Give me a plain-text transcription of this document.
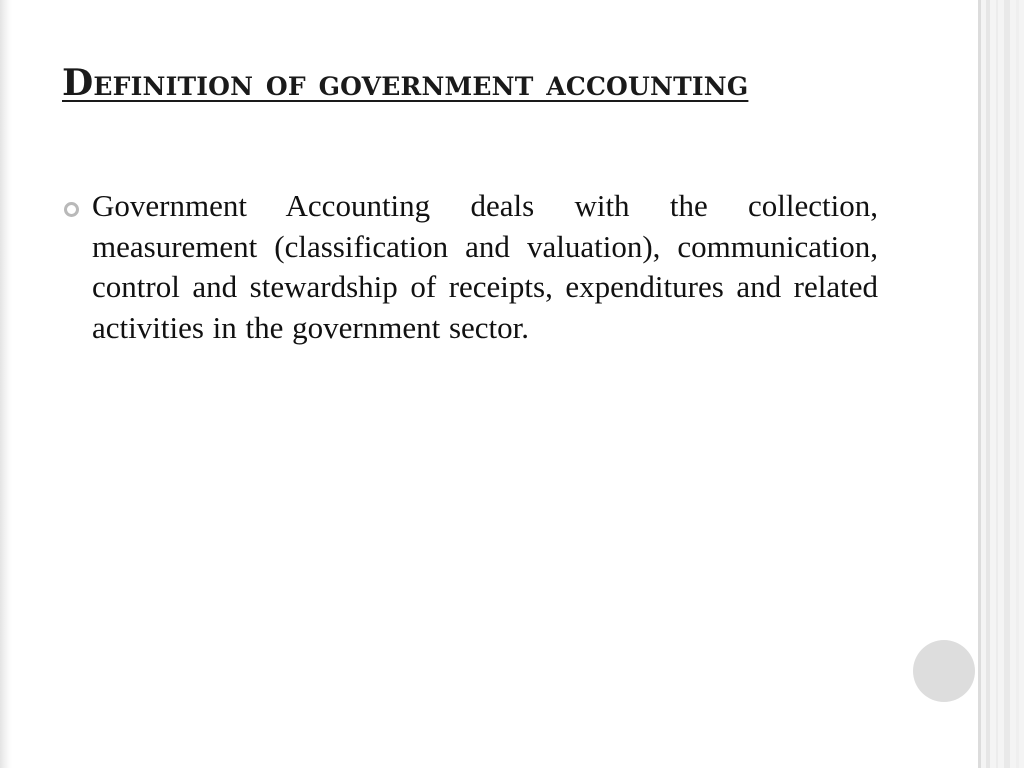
Definition of government accounting
Government Accounting deals with the collection, measurement (classification and valuation), communication, control and stewardship of receipts, expenditures and related activities in the government sector.
